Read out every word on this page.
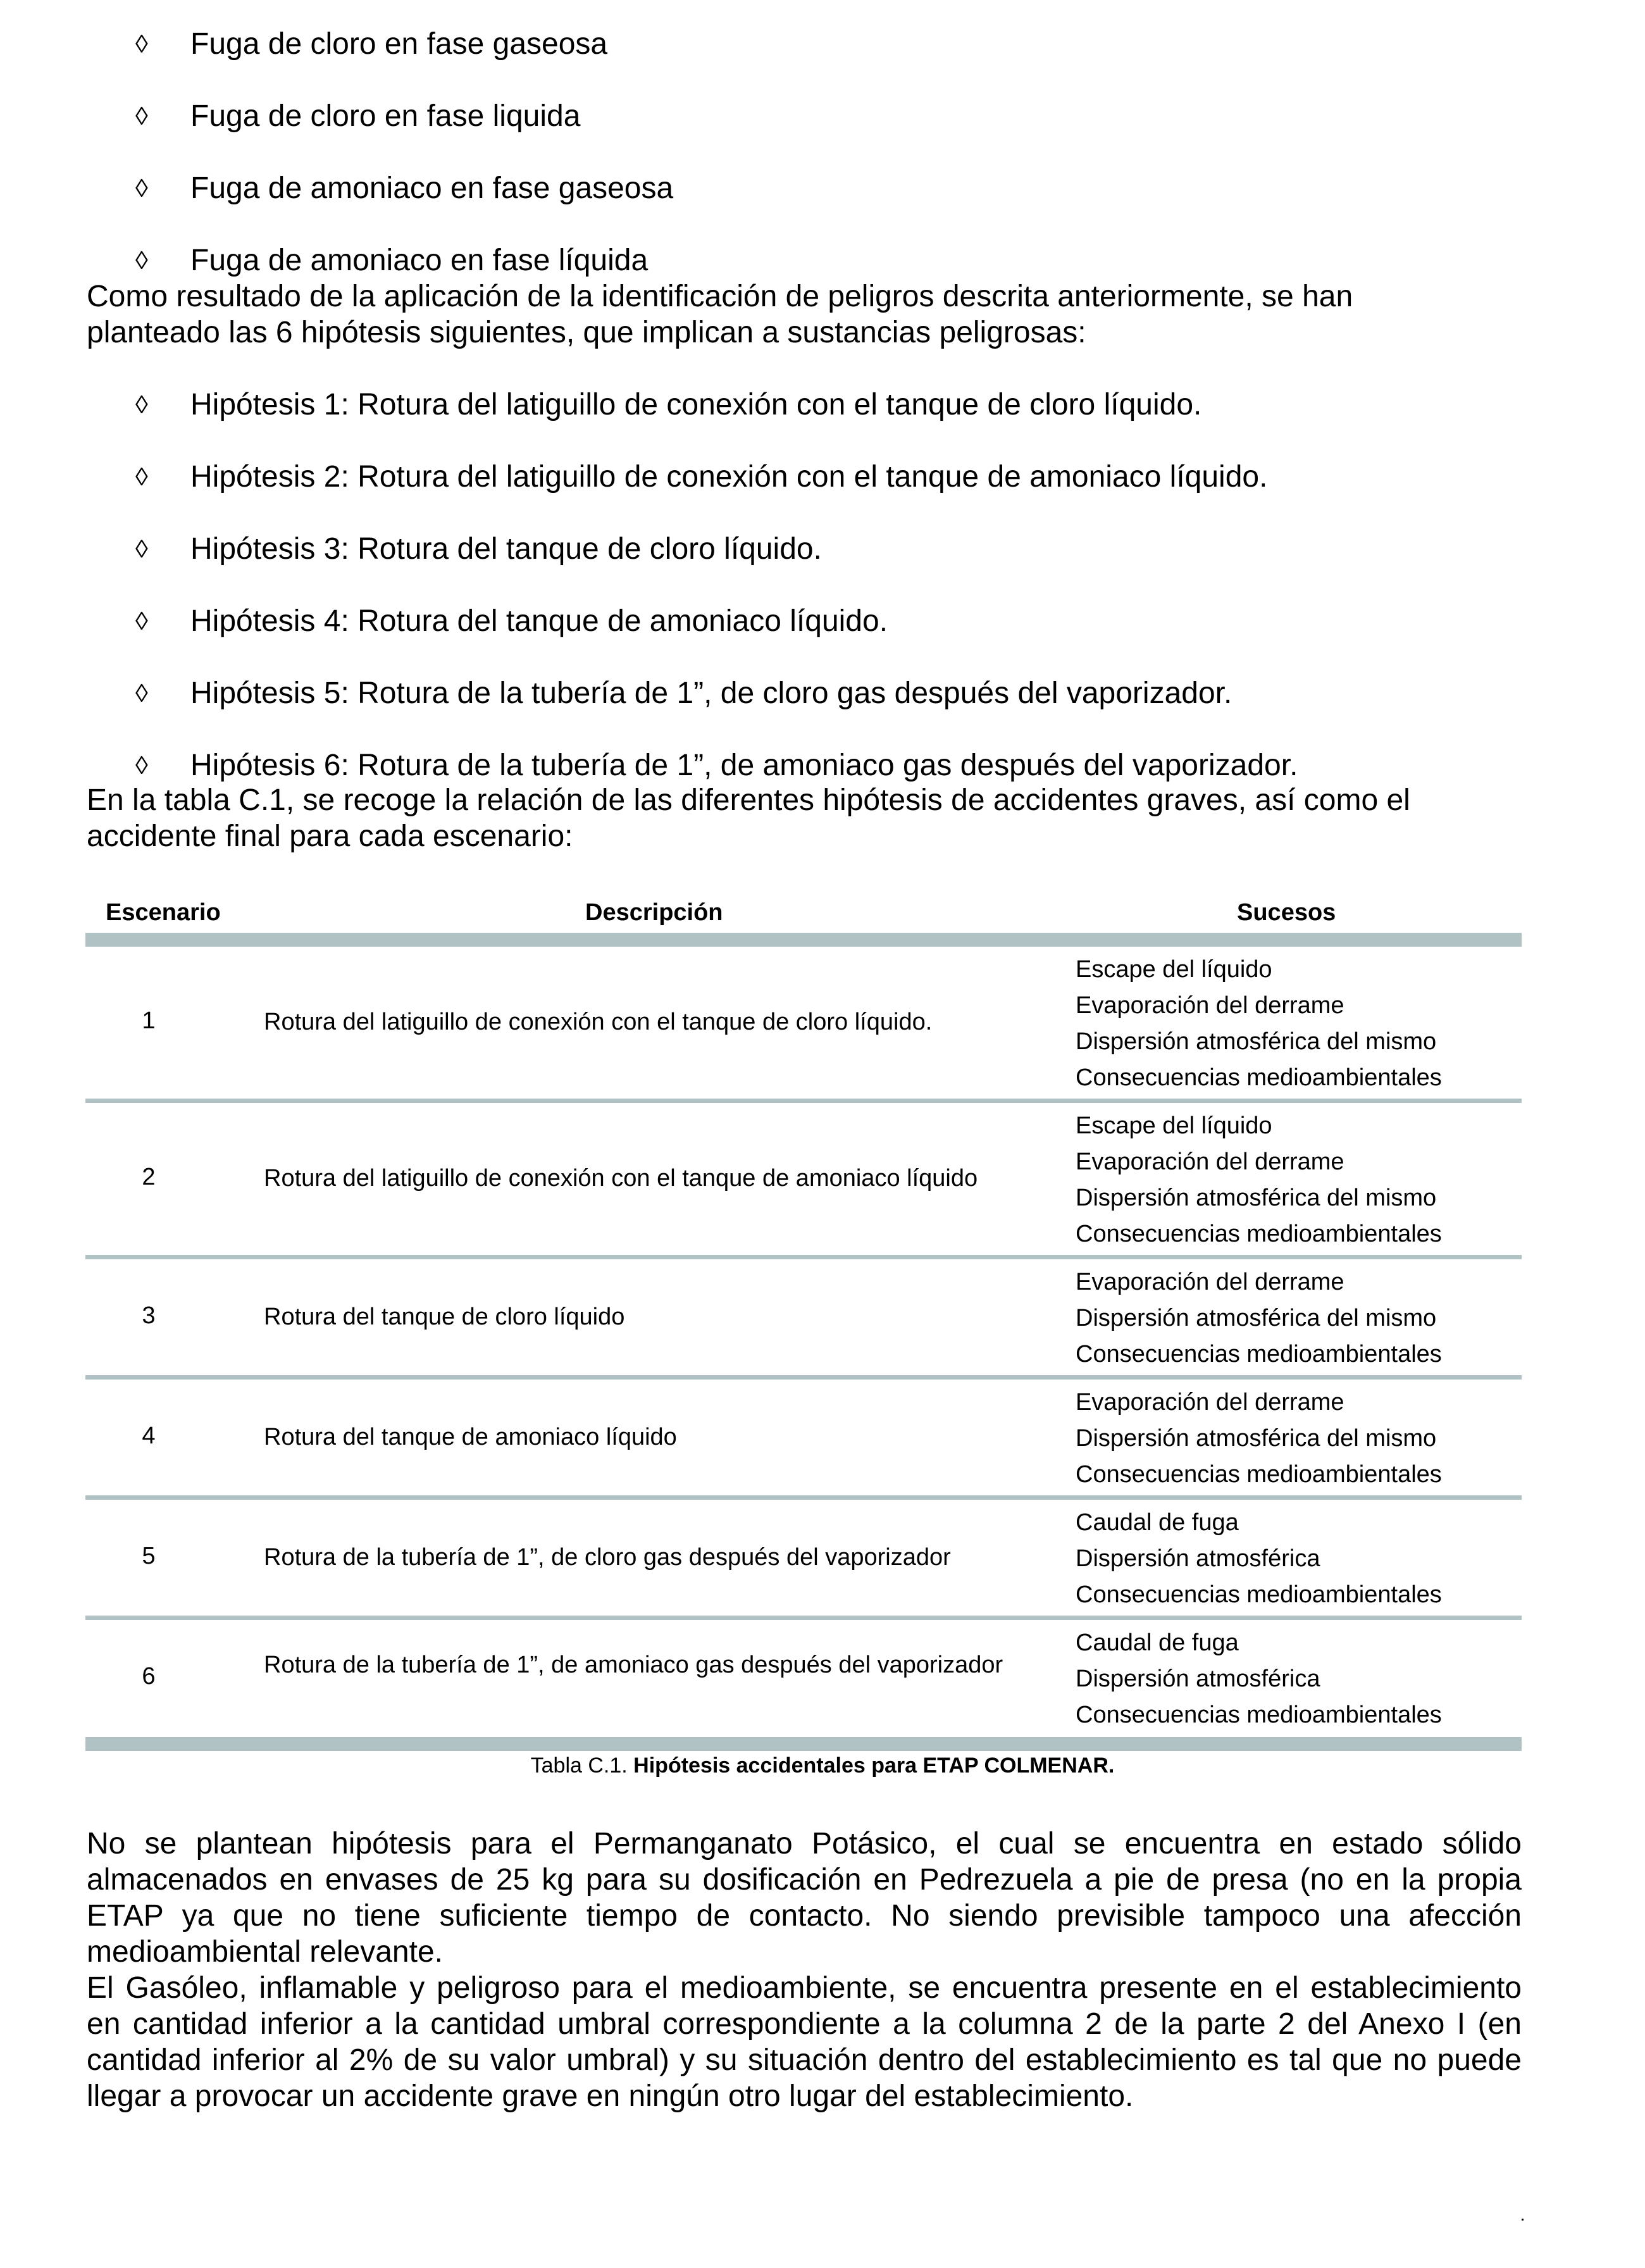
◊ Fuga de cloro en fase gaseosa
◊ Fuga de cloro en fase liquida
◊ Fuga de amoniaco en fase gaseosa
◊ Fuga de amoniaco en fase líquida

Como resultado de la aplicación de la identificación de peligros descrita anteriormente, se han
planteado las 6 hipótesis siguientes, que implican a sustancias peligrosas:

◊ Hipótesis 1: Rotura del latiguillo de conexión con el tanque de cloro líquido.
◊ Hipótesis 2: Rotura del latiguillo de conexión con el tanque de amoniaco líquido.
◊ Hipótesis 3: Rotura del tanque de cloro líquido.
◊ Hipótesis 4: Rotura del tanque de amoniaco líquido.
◊ Hipótesis 5: Rotura de la tubería de 1”, de cloro gas después del vaporizador.
◊ Hipótesis 6: Rotura de la tubería de 1”, de amoniaco gas después del vaporizador.

En la tabla C.1, se recoge la relación de las diferentes hipótesis de accidentes graves, así como el
accidente final para cada escenario:

Escenario	Descripción	Sucesos
1	Rotura del latiguillo de conexión con el tanque de cloro líquido.
Escape del líquido
Evaporación del derrame
Dispersión atmosférica del mismo
Consecuencias medioambientales
2	Rotura del latiguillo de conexión con el tanque de amoniaco líquido
Escape del líquido
Evaporación del derrame
Dispersión atmosférica del mismo
Consecuencias medioambientales
3	Rotura del tanque de cloro líquido
Evaporación del derrame
Dispersión atmosférica del mismo
Consecuencias medioambientales
4	Rotura del tanque de amoniaco líquido
Evaporación del derrame
Dispersión atmosférica del mismo
Consecuencias medioambientales
5	Rotura de la tubería de 1”, de cloro gas después del vaporizador
Caudal de fuga
Dispersión atmosférica
Consecuencias medioambientales
6	Rotura de la tubería de 1”, de amoniaco gas después del vaporizador
Caudal de fuga
Dispersión atmosférica
Consecuencias medioambientales
Tabla C.1. Hipótesis accidentales para ETAP COLMENAR.

No se plantean hipótesis para el Permanganato Potásico, el cual se encuentra en estado sólido
almacenados en envases de 25 kg para su dosificación en Pedrezuela a pie de presa (no en la propia
ETAP ya que no tiene suficiente tiempo de contacto. No siendo previsible tampoco una afección
medioambiental relevante.

El Gasóleo, inflamable y peligroso para el medioambiente, se encuentra presente en el establecimiento
en cantidad inferior a la cantidad umbral correspondiente a la columna 2 de la parte 2 del Anexo I (en
cantidad inferior al 2% de su valor umbral) y su situación dentro del establecimiento es tal que no puede
llegar a provocar un accidente grave en ningún otro lugar del establecimiento.
